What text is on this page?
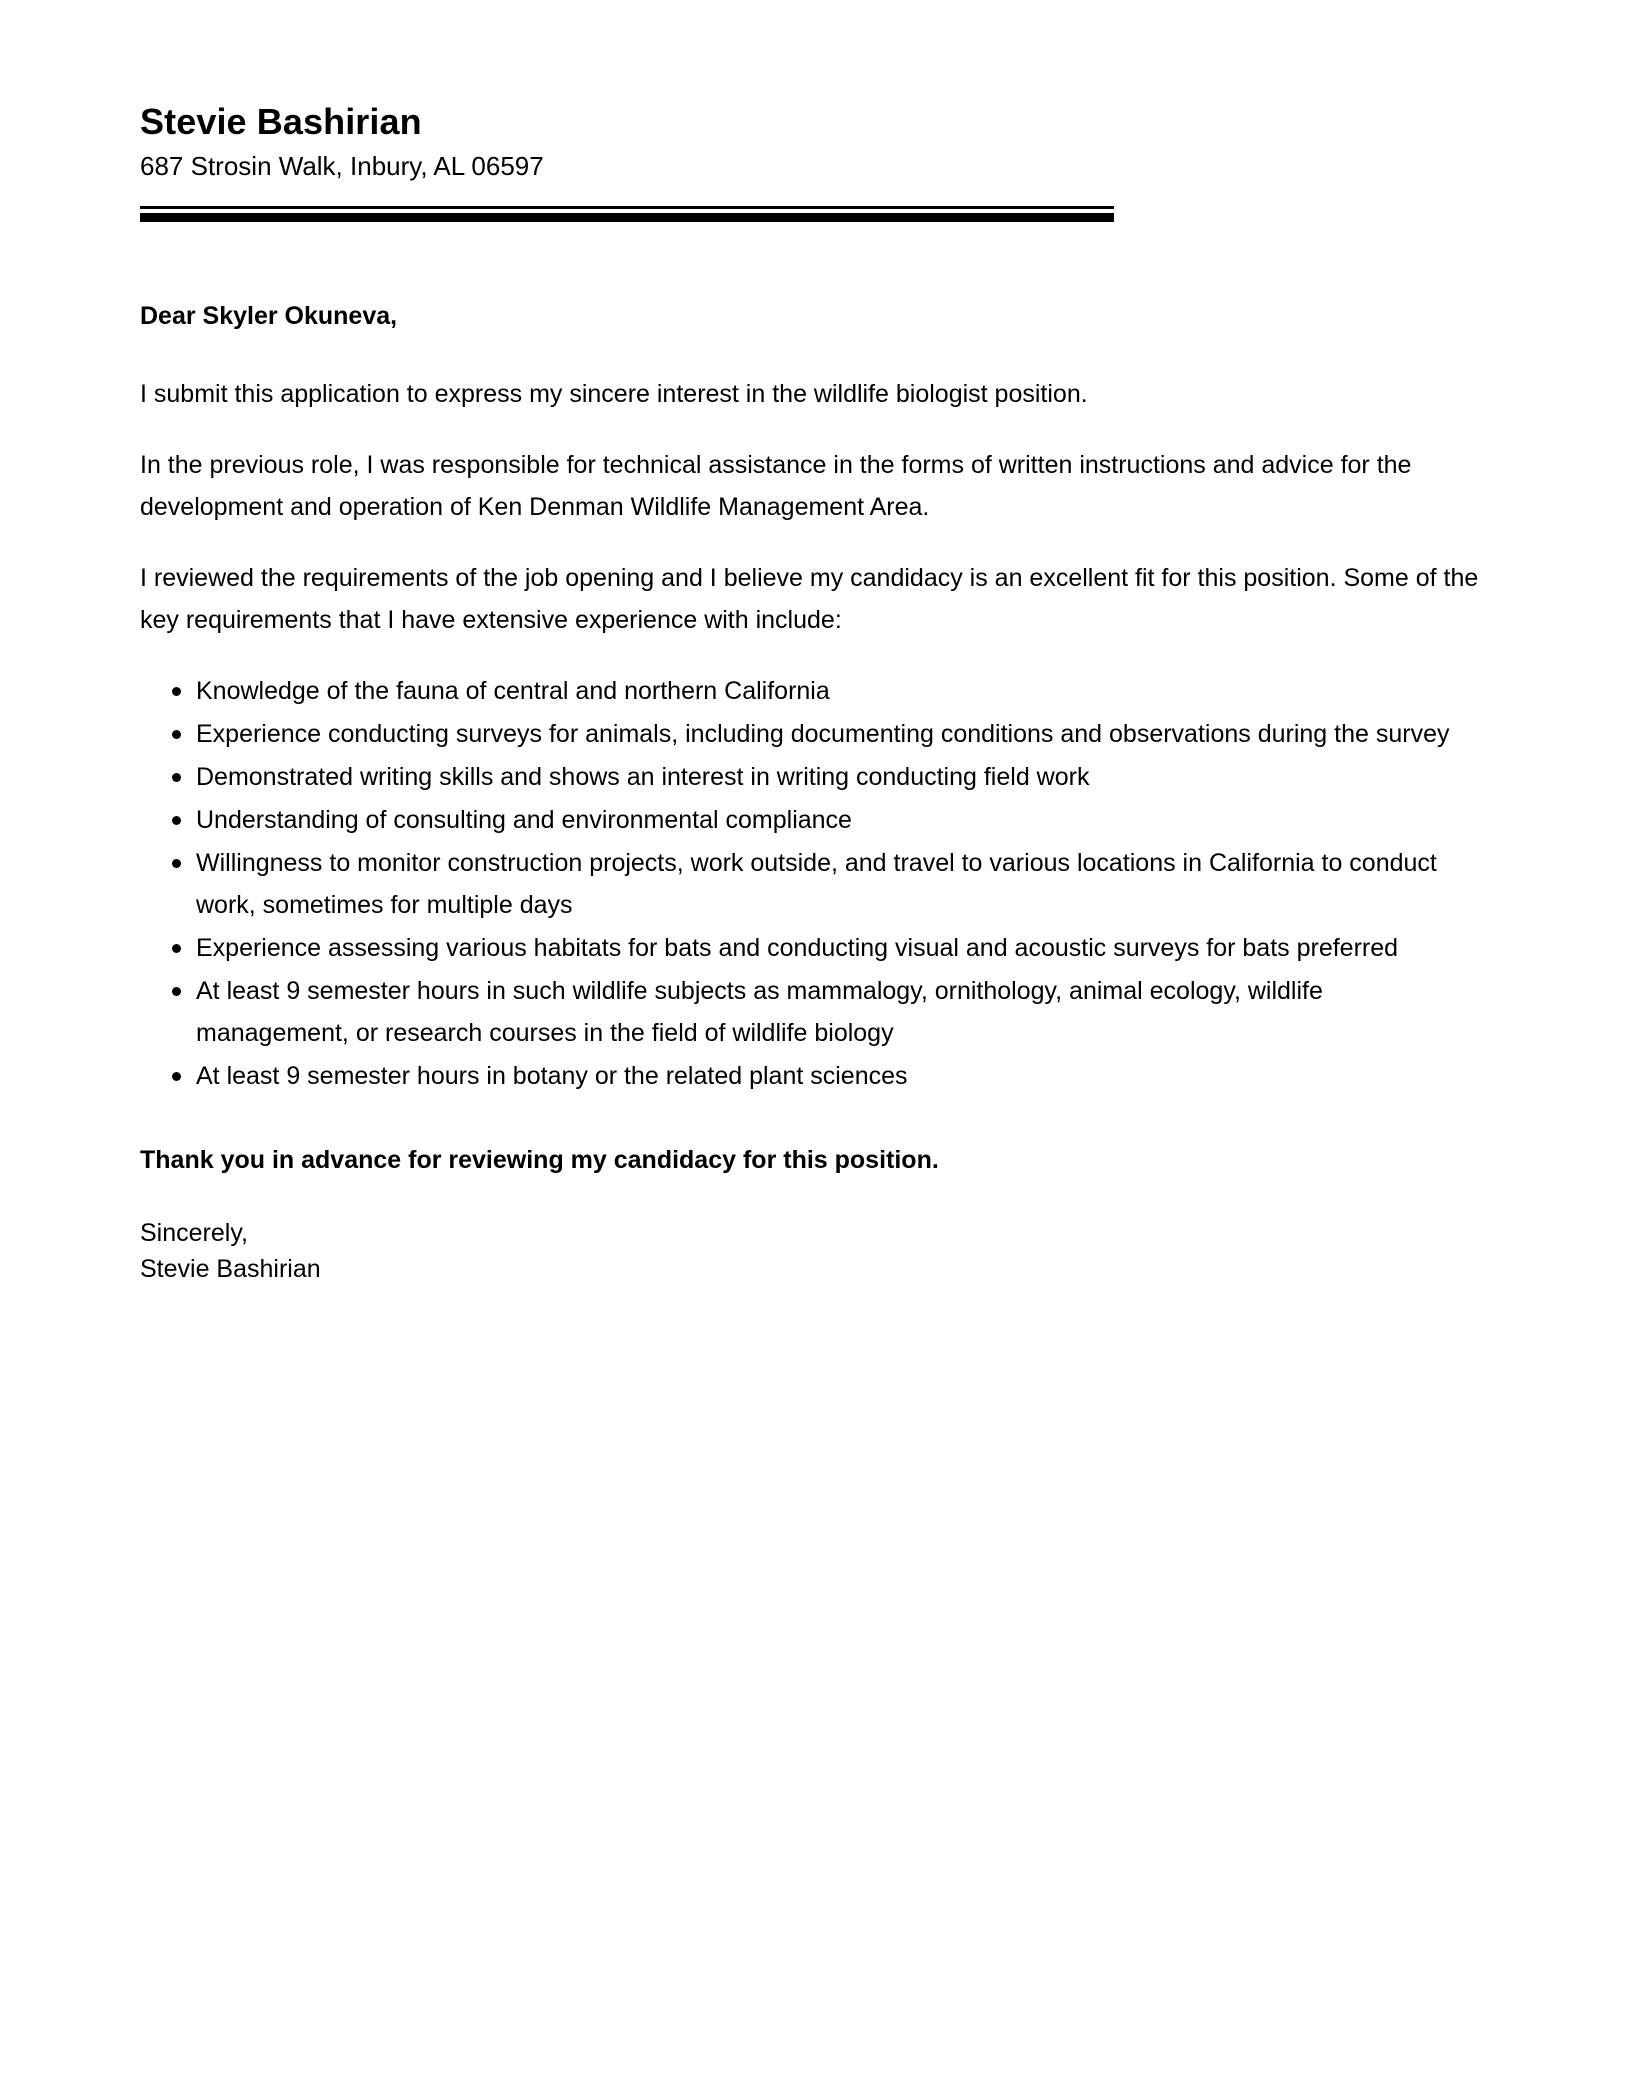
Stevie Bashirian

687 Strosin Walk, Inbury, AL 06597

Dear Skyler Okuneva,

I submit this application to express my sincere interest in the wildlife biologist position.

In the previous role, I was responsible for technical assistance in the forms of written instructions and advice for the development and operation of Ken Denman Wildlife Management Area.

I reviewed the requirements of the job opening and I believe my candidacy is an excellent fit for this position. Some of the key requirements that I have extensive experience with include:

Knowledge of the fauna of central and northern California
Experience conducting surveys for animals, including documenting conditions and observations during the survey
Demonstrated writing skills and shows an interest in writing conducting field work
Understanding of consulting and environmental compliance
Willingness to monitor construction projects, work outside, and travel to various locations in California to conduct work, sometimes for multiple days
Experience assessing various habitats for bats and conducting visual and acoustic surveys for bats preferred
At least 9 semester hours in such wildlife subjects as mammalogy, ornithology, animal ecology, wildlife management, or research courses in the field of wildlife biology
At least 9 semester hours in botany or the related plant sciences

Thank you in advance for reviewing my candidacy for this position.

Sincerely,

Stevie Bashirian
